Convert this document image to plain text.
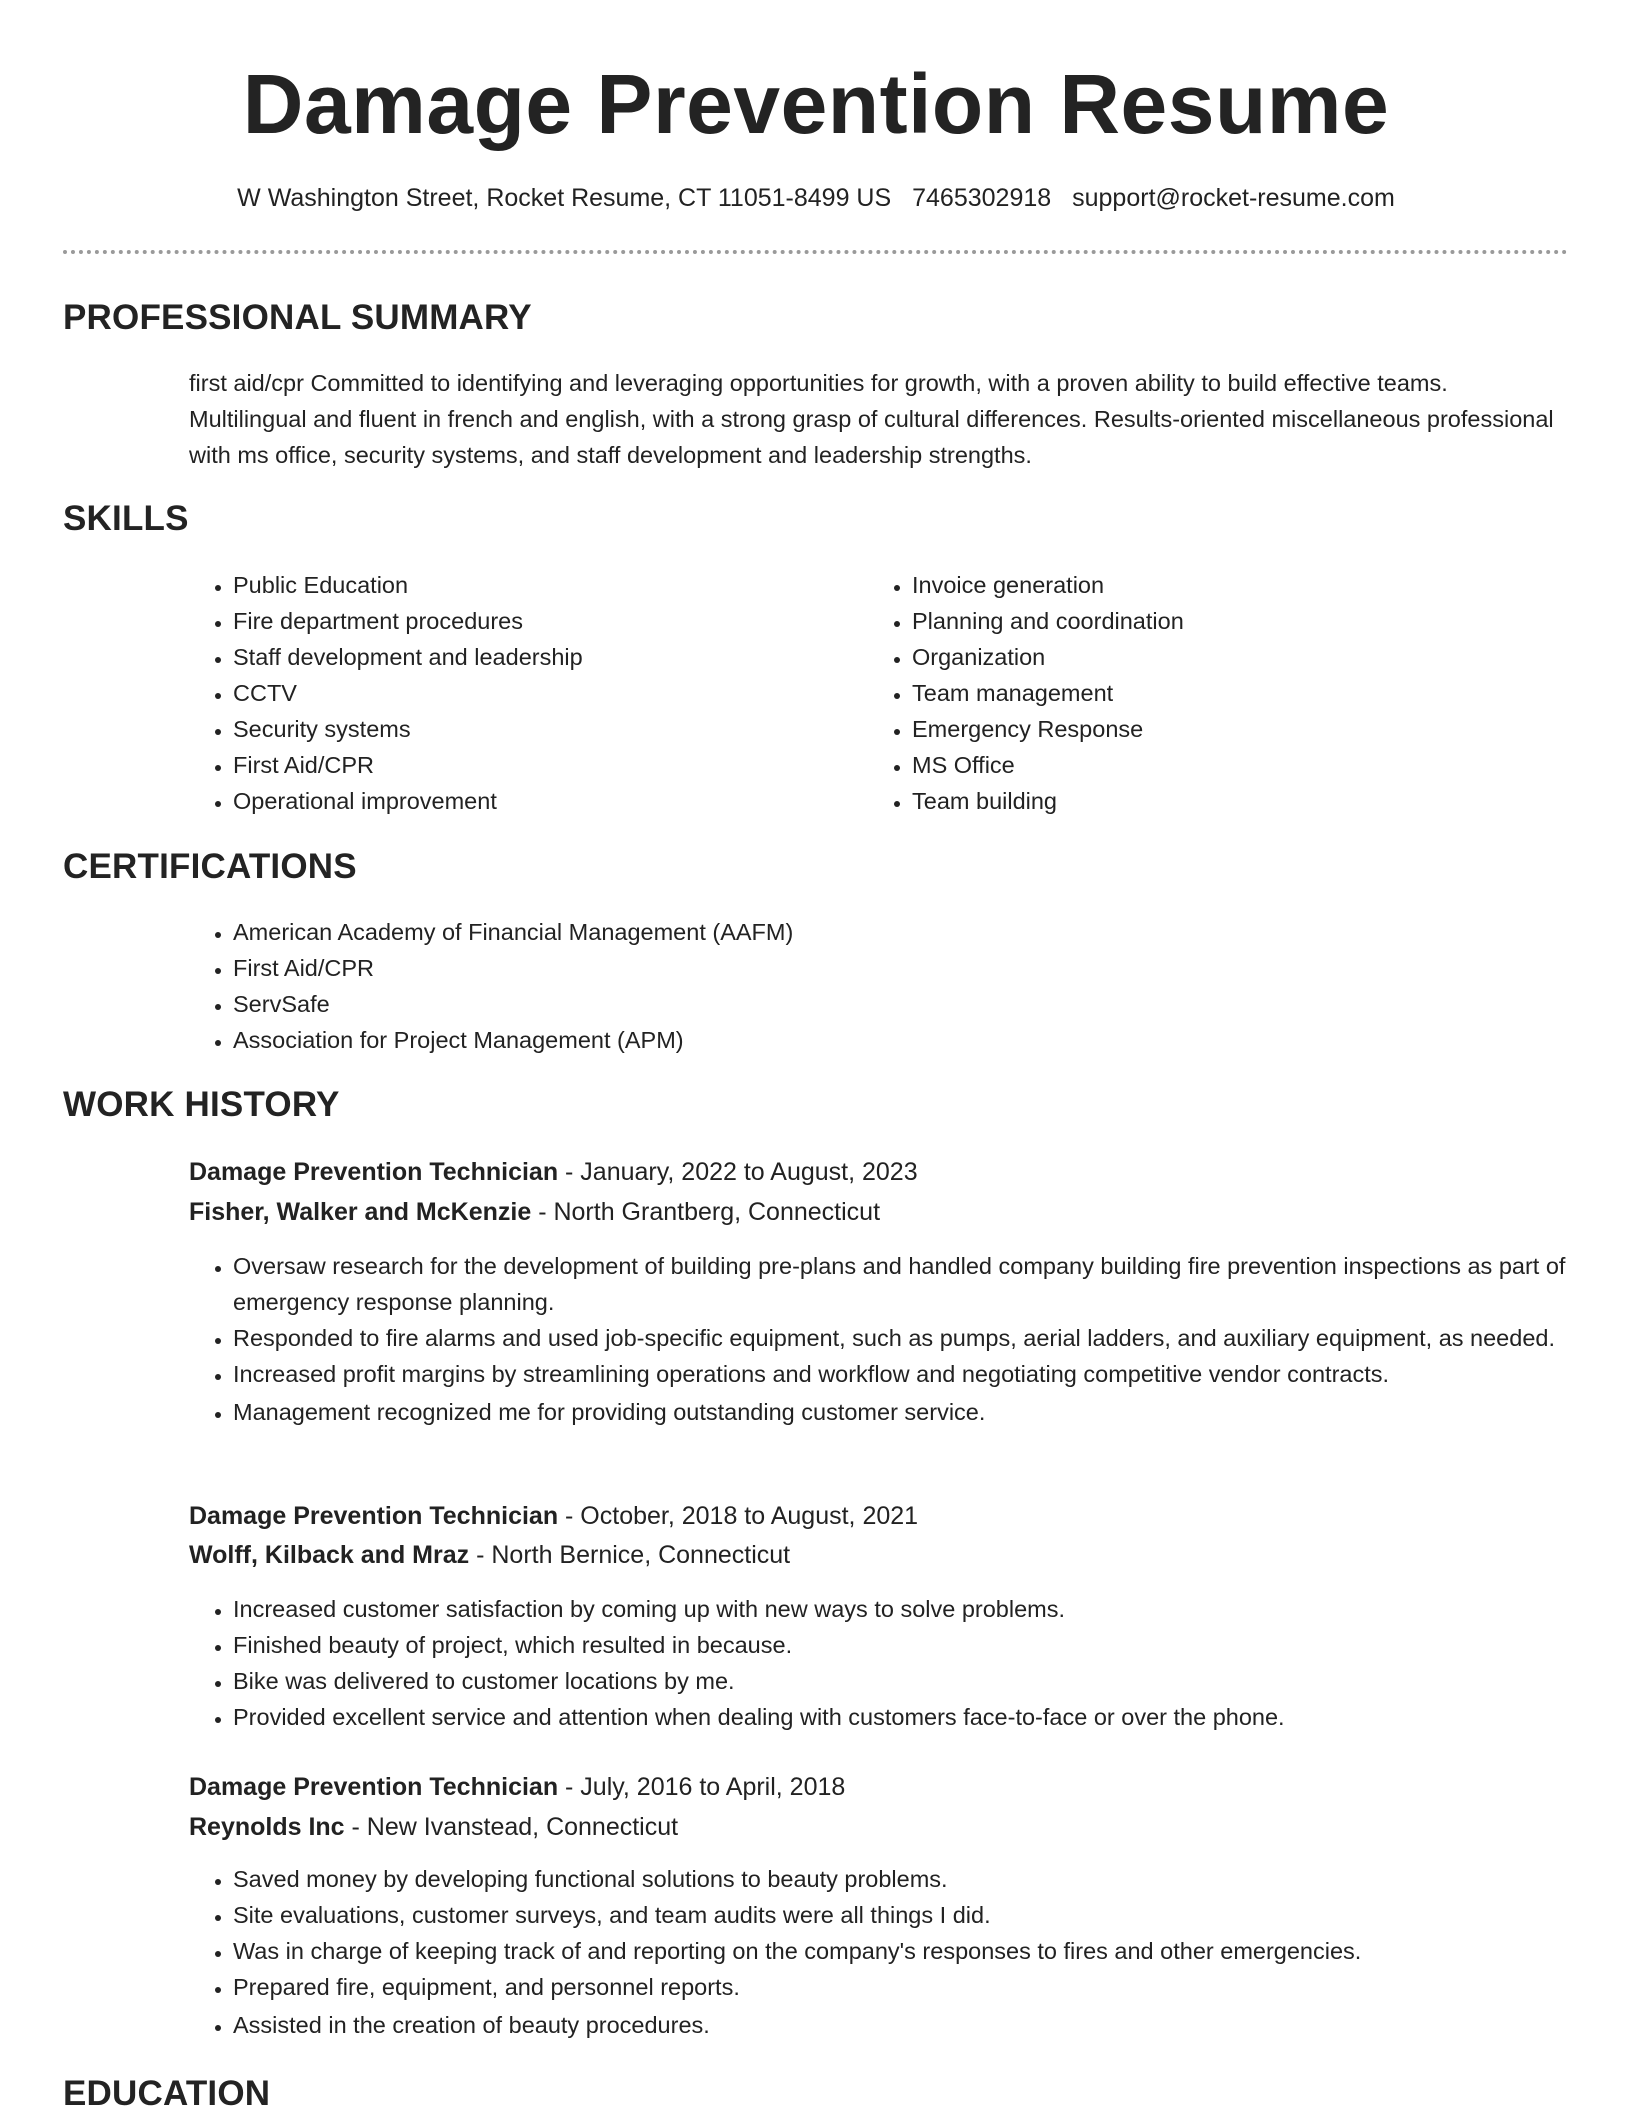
Damage Prevention Resume
W Washington Street, Rocket Resume, CT 11051-8499 US 7465302918 support@rocket-resume.com
PROFESSIONAL SUMMARY

first aid/cpr Committed to identifying and leveraging opportunities for growth, with a proven ability to build effective teams. Multilingual and fluent in french and english, with a strong grasp of cultural differences. Results-oriented miscellaneous professional with ms office, security systems, and staff development and leadership strengths.

SKILLS
• Public Education
• Fire department procedures
• Staff development and leadership
• CCTV
• Security systems
• First Aid/CPR
• Operational improvement
• Invoice generation
• Planning and coordination
• Organization
• Team management
• Emergency Response
• MS Office
• Team building
CERTIFICATIONS
• American Academy of Financial Management (AAFM)
• First Aid/CPR
• ServSafe
• Association for Project Management (APM)
WORK HISTORY

Damage Prevention Technician - January, 2022 to August, 2023

Fisher, Walker and McKenzie - North Grantberg, Connecticut

• Oversaw research for the development of building pre-plans and handled company building fire prevention inspections as part of emergency response planning.
• Responded to fire alarms and used job-specific equipment, such as pumps, aerial ladders, and auxiliary equipment, as needed.
• Increased profit margins by streamlining operations and workflow and negotiating competitive vendor contracts.
• Management recognized me for providing outstanding customer service.

Damage Prevention Technician - October, 2018 to August, 2021

Wolff, Kilback and Mraz - North Bernice, Connecticut

• Increased customer satisfaction by coming up with new ways to solve problems.
• Finished beauty of project, which resulted in because.
• Bike was delivered to customer locations by me.
• Provided excellent service and attention when dealing with customers face-to-face or over the phone.

Damage Prevention Technician - July, 2016 to April, 2018

Reynolds Inc - New Ivanstead, Connecticut

• Saved money by developing functional solutions to beauty problems.
• Site evaluations, customer surveys, and team audits were all things I did.
• Was in charge of keeping track of and reporting on the company's responses to fires and other emergencies.
• Prepared fire, equipment, and personnel reports.
• Assisted in the creation of beauty procedures.
EDUCATION
